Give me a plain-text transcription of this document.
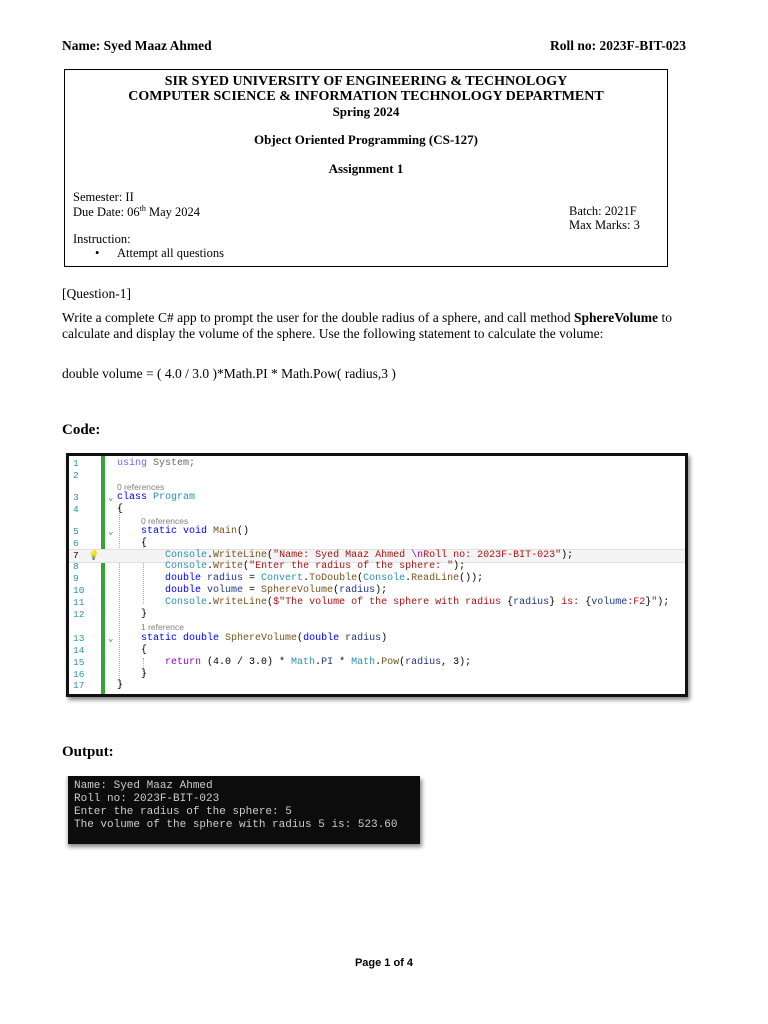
Name: Syed Maaz Ahmed	Roll no: 2023F-BIT-023
SIR SYED UNIVERSITY OF ENGINEERING & TECHNOLOGY
COMPUTER SCIENCE & INFORMATION TECHNOLOGY DEPARTMENT
Spring 2024
Object Oriented Programming (CS-127)
Assignment 1
Semester: II
Due Date: 06th May 2024	Batch: 2021F
Max Marks: 3
Instruction:
• Attempt all questions
[Question-1]
Write a complete C# app to prompt the user for the double radius of a sphere, and call method SphereVolume to calculate and display the volume of the sphere. Use the following statement to calculate the volume:
double volume = ( 4.0 / 3.0 )*Math.PI * Math.Pow( radius,3 )
Code:
1	using System;
2
0 references
3	⌄ class Program
4	{
0 references
5	⌄	static void Main()
6	{
7	💡	Console.WriteLine("Name: Syed Maaz Ahmed \nRoll no: 2023F-BIT-023");
8	Console.Write("Enter the radius of the sphere: ");
9	double radius = Convert.ToDouble(Console.ReadLine());
10	double volume = SphereVolume(radius);
11	Console.WriteLine($"The volume of the sphere with radius {radius} is: {volume:F2}");
12	}
1 reference
13	⌄	static double SphereVolume(double radius)
14	{
15	return (4.0 / 3.0) * Math.PI * Math.Pow(radius, 3);
16	}
17	}
Output:
Name: Syed Maaz Ahmed
Roll no: 2023F-BIT-023
Enter the radius of the sphere: 5
The volume of the sphere with radius 5 is: 523.60
Page 1 of 4
